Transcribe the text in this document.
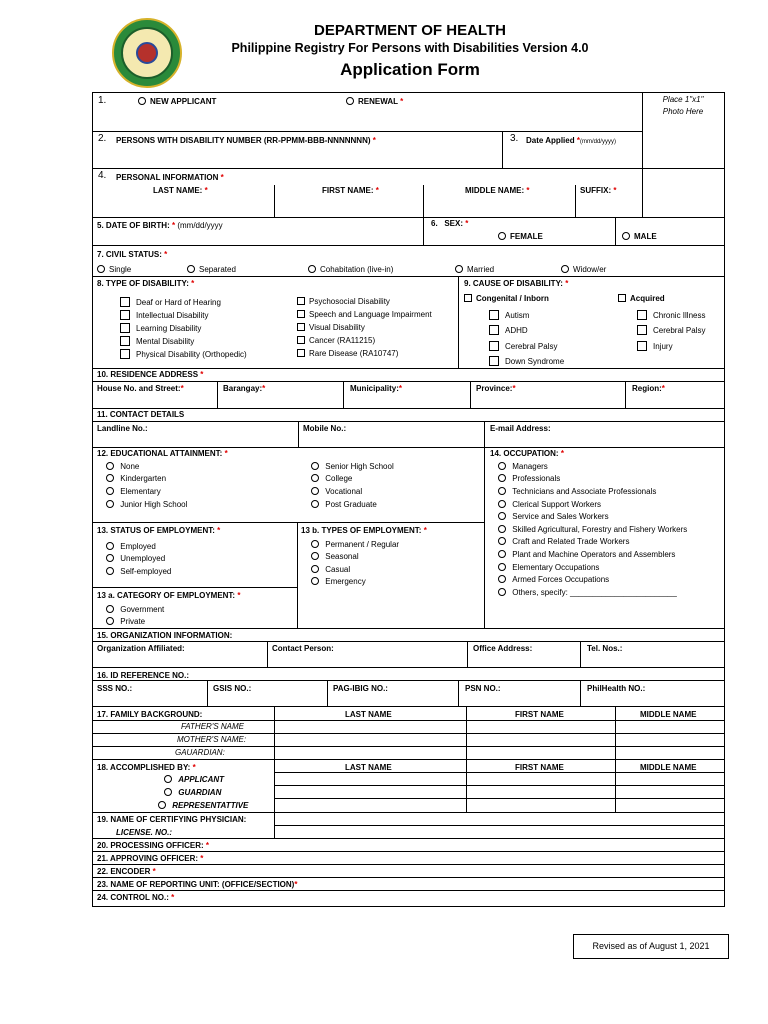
DEPARTMENT OF HEALTH
Philippine Registry For Persons with Disabilities Version 4.0
Application Form
1.	NEW APPLICANT	RENEWAL *	Place 1"x1"
Photo Here
2. PERSONS WITH DISABILITY NUMBER (RR-PPMM-BBB-NNNNNNN) *	3. Date Applied *(mm/dd/yyyy)
4. PERSONAL INFORMATION *
LAST NAME: *	FIRST NAME: *	MIDDLE NAME: *	SUFFIX: *
5. DATE OF BIRTH: * (mm/dd/yyyy	6. SEX: *
FEMALE	MALE
7. CIVIL STATUS: *
Single	Separated	Cohabitation (live-in)	Married	Widow/er
8. TYPE OF DISABILITY: *
Deaf or Hard of Hearing
Intellectual Disability
Learning Disability
Mental Disability
Physical Disability (Orthopedic)
Psychosocial Disability
Speech and Language Impairment
Visual Disability
Cancer (RA11215)
Rare Disease (RA10747)
9. CAUSE OF DISABILITY: *
Congenital / Inborn	Acquired
Autism
ADHD
Cerebral Palsy
Down Syndrome
Chronic Illness
Cerebral Palsy
Injury
10. RESIDENCE ADDRESS *
House No. and Street:*	Barangay:*	Municipality:*	Province:*	Region:*
11. CONTACT DETAILS
Landline No.:	Mobile No.:	E-mail Address:
12. EDUCATIONAL ATTAINMENT: *
None
Kindergarten
Elementary
Junior High School
Senior High School
College
Vocational
Post Graduate
13. STATUS OF EMPLOYMENT: *
Employed
Unemployed
Self-employed
13 b. TYPES OF EMPLOYMENT: *
Permanent / Regular
Seasonal
Casual
Emergency
13 a. CATEGORY OF EMPLOYMENT: *
Government
Private
14. OCCUPATION: *
Managers
Professionals
Technicians and Associate Professionals
Clerical Support Workers
Service and Sales Workers
Skilled Agricultural, Forestry and Fishery Workers
Craft and Related Trade Workers
Plant and Machine Operators and Assemblers
Elementary Occupations
Armed Forces Occupations
Others, specify: ________________________
15. ORGANIZATION INFORMATION:
Organization Affiliated:	Contact Person:	Office Address:	Tel. Nos.:
16. ID REFERENCE NO.:
SSS NO.:	GSIS NO.:	PAG-IBIG NO.:	PSN NO.:	PhilHealth NO.:
17. FAMILY BACKGROUND:	LAST NAME	FIRST NAME	MIDDLE NAME
FATHER'S NAME
MOTHER'S NAME:
GAUARDIAN:
18. ACCOMPLISHED BY: *	LAST NAME	FIRST NAME	MIDDLE NAME
APPLICANT
GUARDIAN
REPRESENTATTIVE
19. NAME OF CERTIFYING PHYSICIAN:
LICENSE. NO.:
20. PROCESSING OFFICER: *
21. APPROVING OFFICER: *
22. ENCODER *
23. NAME OF REPORTING UNIT: (OFFICE/SECTION)*
24. CONTROL NO.: *
Revised as of August 1, 2021
